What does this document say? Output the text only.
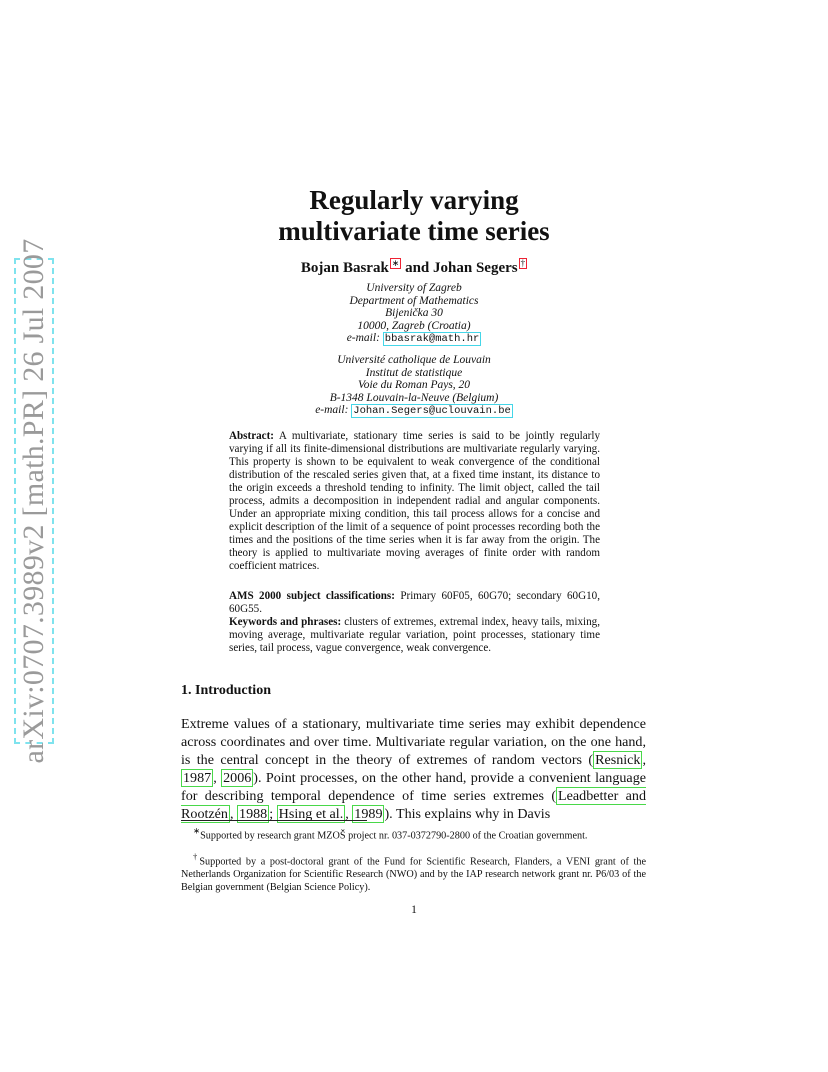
arXiv:0707.3989v2 [math.PR] 26 Jul 2007
Regularly varying
multivariate time series
Bojan Basrak ∗ and Johan Segers †
University of Zagreb
Department of Mathematics
Bijenička 30
10000, Zagreb (Croatia)
e-mail: bbasrak@math.hr
Université catholique de Louvain
Institut de statistique
Voie du Roman Pays, 20
B-1348 Louvain-la-Neuve (Belgium)
e-mail: Johan.Segers@uclouvain.be
Abstract: A multivariate, stationary time series is said to be jointly regularly varying if all its finite-dimensional distributions are multivariate regularly varying. This property is shown to be equivalent to weak convergence of the conditional distribution of the rescaled series given that, at a fixed time instant, its distance to the origin exceeds a threshold tending to infinity. The limit object, called the tail process, admits a decomposition in independent radial and angular components. Under an appropriate mixing condition, this tail process allows for a concise and explicit description of the limit of a sequence of point processes recording both the times and the positions of the time series when it is far away from the origin. The theory is applied to multivariate moving averages of finite order with random coefficient matrices.
AMS 2000 subject classifications: Primary 60F05, 60G70; secondary 60G10, 60G55.
Keywords and phrases: clusters of extremes, extremal index, heavy tails, mixing, moving average, multivariate regular variation, point processes, stationary time series, tail process, vague convergence, weak convergence.
1. Introduction
Extreme values of a stationary, multivariate time series may exhibit dependence across coordinates and over time. Multivariate regular variation, on the one hand, is the central concept in the theory of extremes of random vectors ( Resnick , 1987 , 2006 ). Point processes, on the other hand, provide a convenient language for describing temporal dependence of time series extremes ( Leadbetter and Rootzén , 1988 ; Hsing et al. , 1989 ). This explains why in Davis
∗Supported by research grant MZOŠ project nr. 037-0372790-2800 of the Croatian government.
†Supported by a post-doctoral grant of the Fund for Scientific Research, Flanders, a VENI grant of the Netherlands Organization for Scientific Research (NWO) and by the IAP research network grant nr. P6/03 of the Belgian government (Belgian Science Policy).
1
